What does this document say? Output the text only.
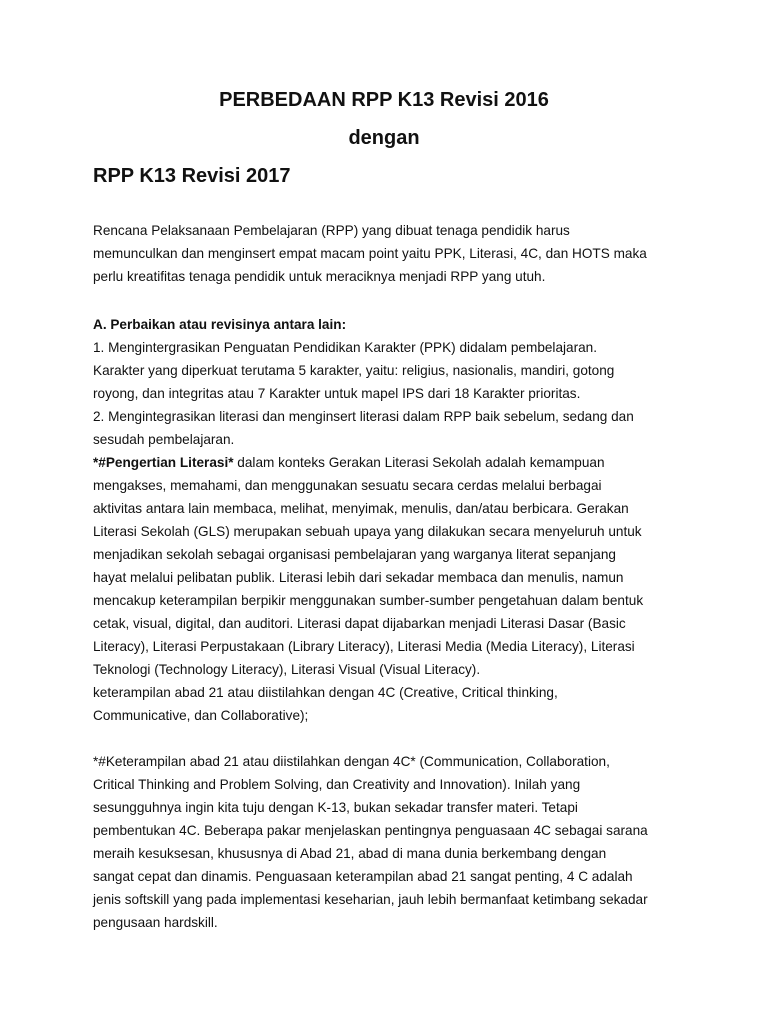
PERBEDAAN RPP K13 Revisi 2016
dengan
RPP K13 Revisi 2017
Rencana Pelaksanaan Pembelajaran (RPP) yang dibuat tenaga pendidik harus
memunculkan dan menginsert empat macam point yaitu PPK, Literasi, 4C, dan HOTS maka
perlu kreatifitas tenaga pendidik untuk meraciknya menjadi RPP yang utuh.
A. Perbaikan atau revisinya antara lain:
1. Mengintergrasikan Penguatan Pendidikan Karakter (PPK) didalam pembelajaran.
Karakter yang diperkuat terutama 5 karakter, yaitu: religius, nasionalis, mandiri, gotong
royong, dan integritas atau 7 Karakter untuk mapel IPS dari 18 Karakter prioritas.
2. Mengintegrasikan literasi dan menginsert literasi dalam RPP baik sebelum, sedang dan
sesudah pembelajaran.
*#Pengertian Literasi* dalam konteks Gerakan Literasi Sekolah adalah kemampuan
mengakses, memahami, dan menggunakan sesuatu secara cerdas melalui berbagai
aktivitas antara lain membaca, melihat, menyimak, menulis, dan/atau berbicara. Gerakan
Literasi Sekolah (GLS) merupakan sebuah upaya yang dilakukan secara menyeluruh untuk
menjadikan sekolah sebagai organisasi pembelajaran yang warganya literat sepanjang
hayat melalui pelibatan publik. Literasi lebih dari sekadar membaca dan menulis, namun
mencakup keterampilan berpikir menggunakan sumber-sumber pengetahuan dalam bentuk
cetak, visual, digital, dan auditori. Literasi dapat dijabarkan menjadi Literasi Dasar (Basic
Literacy), Literasi Perpustakaan (Library Literacy), Literasi Media (Media Literacy), Literasi
Teknologi (Technology Literacy), Literasi Visual (Visual Literacy).
keterampilan abad 21 atau diistilahkan dengan 4C (Creative, Critical thinking,
Communicative, dan Collaborative);
*#Keterampilan abad 21 atau diistilahkan dengan 4C* (Communication, Collaboration,
Critical Thinking and Problem Solving, dan Creativity and Innovation). Inilah yang
sesungguhnya ingin kita tuju dengan K-13, bukan sekadar transfer materi. Tetapi
pembentukan 4C. Beberapa pakar menjelaskan pentingnya penguasaan 4C sebagai sarana
meraih kesuksesan, khususnya di Abad 21, abad di mana dunia berkembang dengan
sangat cepat dan dinamis. Penguasaan keterampilan abad 21 sangat penting, 4 C adalah
jenis softskill yang pada implementasi keseharian, jauh lebih bermanfaat ketimbang sekadar
pengusaan hardskill.
